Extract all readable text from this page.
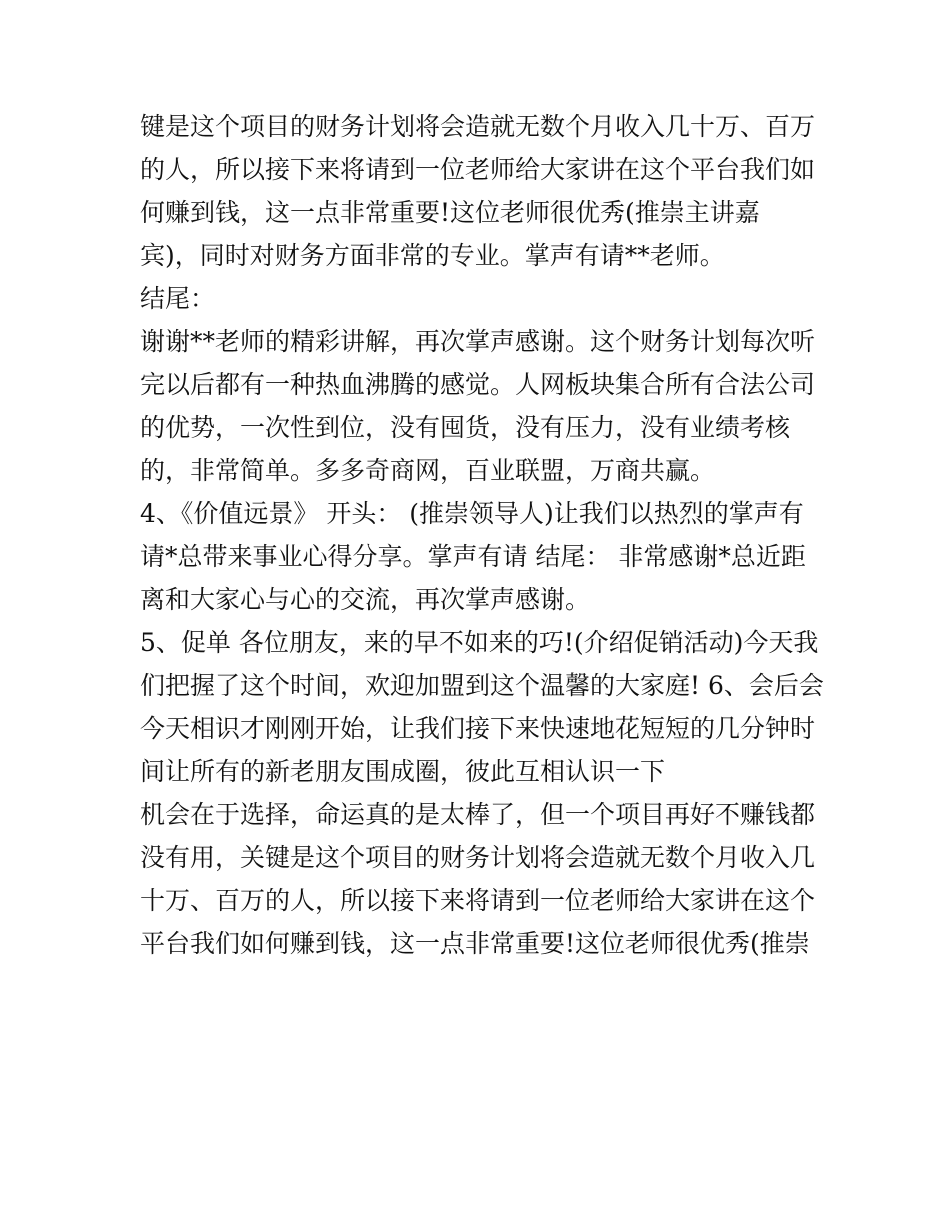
键是这个项目的财务计划将会造就无数个月收入几十万、百万

的人，所以接下来将请到一位老师给大家讲在这个平台我们如

何赚到钱，这一点非常重要!这位老师很优秀(推崇主讲嘉

宾)，同时对财务方面非常的专业。掌声有请**老师。

结尾：

谢谢**老师的精彩讲解，再次掌声感谢。这个财务计划每次听

完以后都有一种热血沸腾的感觉。人网板块集合所有合法公司

的优势，一次性到位，没有囤货，没有压力，没有业绩考核

的，非常简单。多多奇商网，百业联盟，万商共赢。

4、《价值远景》 开头： (推崇领导人)让我们以热烈的掌声有

请*总带来事业心得分享。掌声有请 结尾： 非常感谢*总近距

离和大家心与心的交流，再次掌声感谢。

5、促单 各位朋友，来的早不如来的巧!(介绍促销活动)今天我

们把握了这个时间，欢迎加盟到这个温馨的大家庭! 6、会后会

今天相识才刚刚开始，让我们接下来快速地花短短的几分钟时

间让所有的新老朋友围成圈，彼此互相认识一下

机会在于选择，命运真的是太棒了，但一个项目再好不赚钱都

没有用，关键是这个项目的财务计划将会造就无数个月收入几

十万、百万的人，所以接下来将请到一位老师给大家讲在这个

平台我们如何赚到钱，这一点非常重要!这位老师很优秀(推崇
